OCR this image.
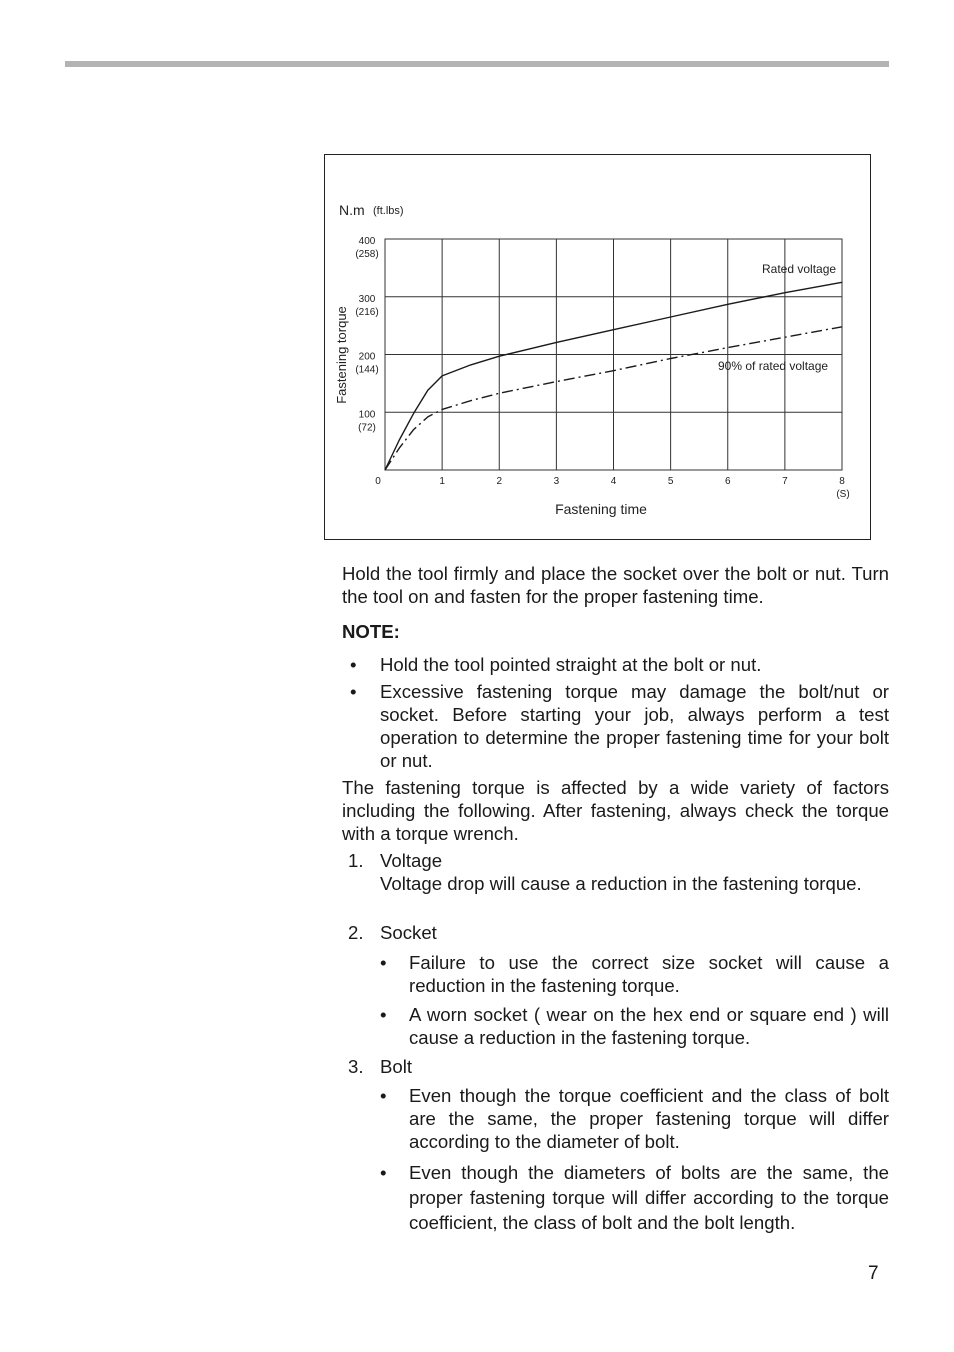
0	1	2	3	4	5	6	7	8
100
(72)
200
(144)
300
(216)
400
(258)
N.m (ft.lbs)
Fastening torque
Fastening time
(S)
Rated voltage
90% of rated voltage
Hold the tool firmly and place the socket over the bolt or nut. Turn the tool on and fasten for the proper fastening time.
NOTE:
• Hold the tool pointed straight at the bolt or nut.
• Excessive fastening torque may damage the bolt/nut or socket. Before starting your job, always perform a test operation to determine the proper fastening time for your bolt or nut.
The fastening torque is affected by a wide variety of factors including the following. After fastening, always check the torque with a torque wrench.
1. Voltage
Voltage drop will cause a reduction in the fastening torque.
2. Socket
• Failure to use the correct size socket will cause a reduction in the fastening torque.
• A worn socket ( wear on the hex end or square end ) will cause a reduction in the fastening torque.
3. Bolt
• Even though the torque coefficient and the class of bolt are the same, the proper fastening torque will differ according to the diameter of bolt.
• Even though the diameters of bolts are the same, the proper fastening torque will differ according to the torque coefficient, the class of bolt and the bolt length.
7
